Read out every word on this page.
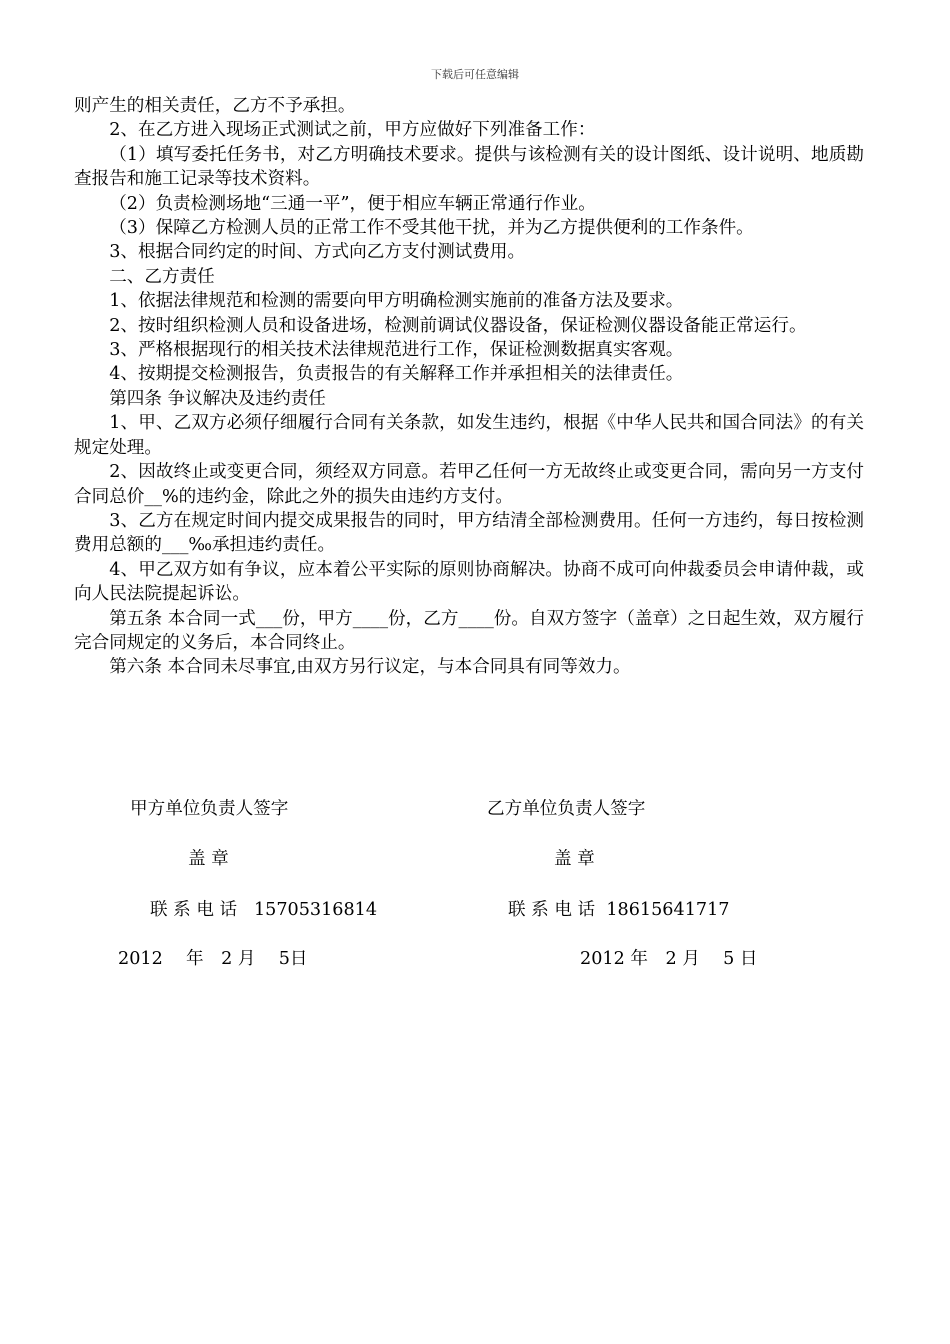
下载后可任意编辑

则产生的相关责任，乙方不予承担。

2、在乙方进入现场正式测试之前，甲方应做好下列准备工作：

（1）填写委托任务书，对乙方明确技术要求。提供与该检测有关的设计图纸、设计说明、地质勘查报告和施工记录等技术资料。

（2）负责检测场地“三通一平”，便于相应车辆正常通行作业。

（3）保障乙方检测人员的正常工作不受其他干扰，并为乙方提供便利的工作条件。

3、根据合同约定的时间、方式向乙方支付测试费用。

二、乙方责任

1、依据法律规范和检测的需要向甲方明确检测实施前的准备方法及要求。

2、按时组织检测人员和设备进场，检测前调试仪器设备，保证检测仪器设备能正常运行。

3、严格根据现行的相关技术法律规范进行工作，保证检测数据真实客观。

4、按期提交检测报告，负责报告的有关解释工作并承担相关的法律责任。

第四条 争议解决及违约责任

1、甲、乙双方必须仔细履行合同有关条款，如发生违约，根据《中华人民共和国合同法》的有关规定处理。

2、因故终止或变更合同，须经双方同意。若甲乙任何一方无故终止或变更合同，需向另一方支付合同总价__%的违约金，除此之外的损失由违约方支付。

3、乙方在规定时间内提交成果报告的同时，甲方结清全部检测费用。任何一方违约，每日按检测费用总额的___‰承担违约责任。

4、甲乙双方如有争议，应本着公平实际的原则协商解决。协商不成可向仲裁委员会申请仲裁，或向人民法院提起诉讼。

第五条 本合同一式___份，甲方____份，乙方____份。自双方签字（盖章）之日起生效，双方履行完合同规定的义务后，本合同终止。

第六条 本合同未尽事宜,由双方另行议定，与本合同具有同等效力。

甲方单位负责人签字
盖 章
联 系 电 话 15705316814
2012　 年　2 月　 5日
乙方单位负责人签字
盖 章
联 系 电 话 18615641717
2012 年　2 月　 5 日
